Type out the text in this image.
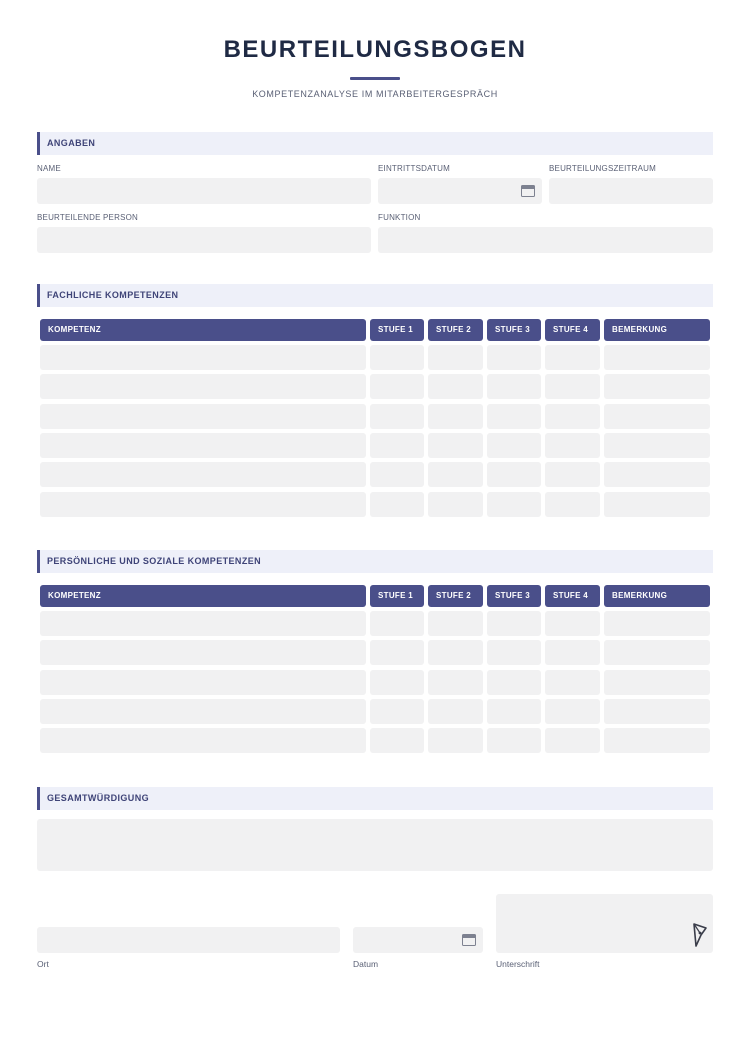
BEURTEILUNGSBOGEN
KOMPETENZANALYSE IM MITARBEITERGESPRÄCH
ANGABEN
NAME	EINTRITTSDATUM	BEURTEILUNGSZEITRAUM
BEURTEILENDE PERSON	FUNKTION
FACHLICHE KOMPETENZEN
KOMPETENZ	STUFE 1	STUFE 2	STUFE 3	STUFE 4	BEMERKUNG
PERSÖNLICHE UND SOZIALE KOMPETENZEN
KOMPETENZ	STUFE 1	STUFE 2	STUFE 3	STUFE 4	BEMERKUNG
GESAMTWÜRDIGUNG
Ort	Datum	Unterschrift
